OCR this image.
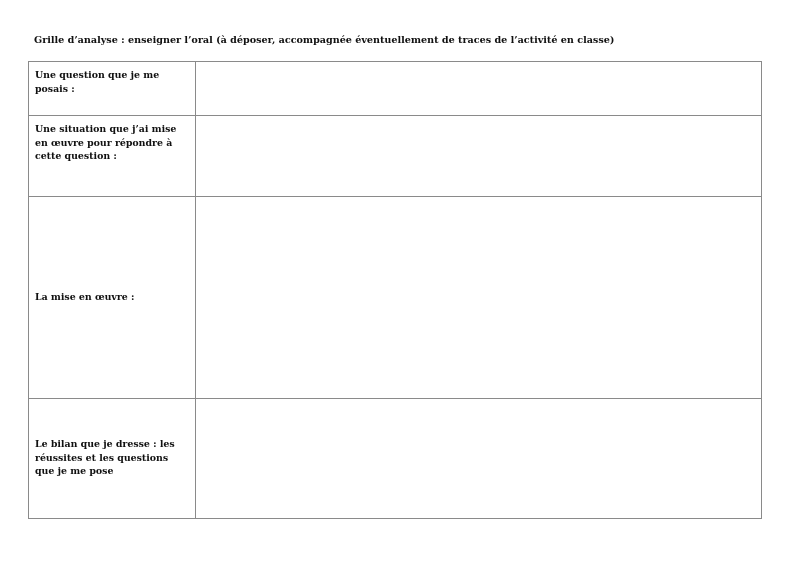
Grille d’analyse : enseigner l’oral (à déposer, accompagnée éventuellement de traces de l’activité en classe)
Une question que je me posais :
Une situation que j’ai mise en œuvre pour répondre à cette question :
La mise en œuvre :
Le bilan que je dresse : les réussites et les questions que je me pose
